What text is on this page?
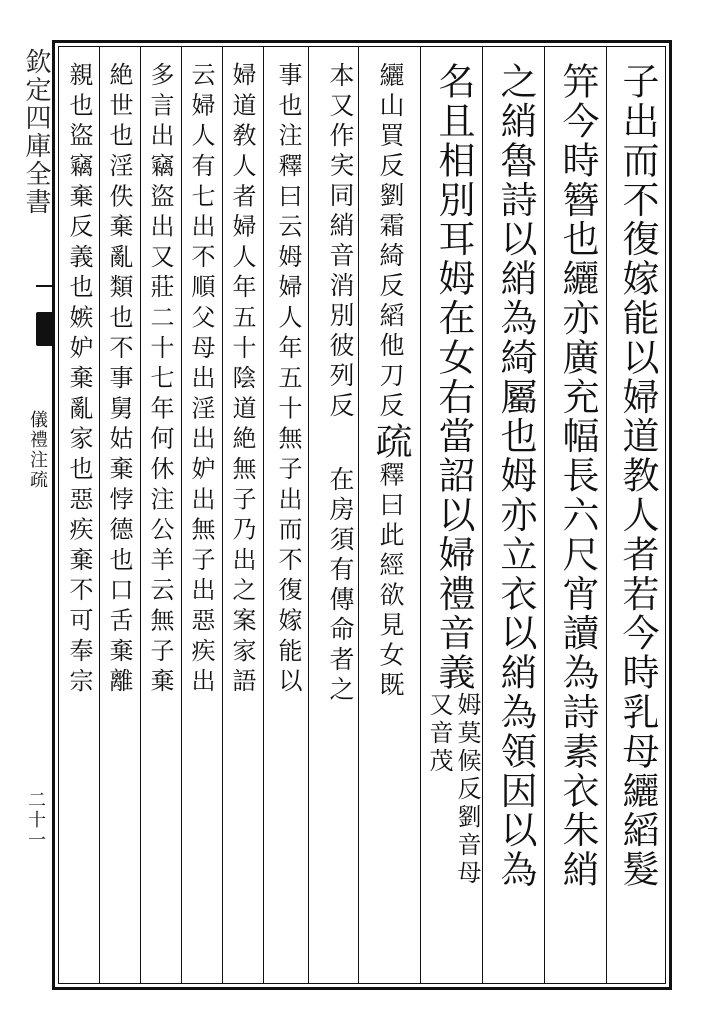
欽定四庫全書
儀禮注疏
二十一	子出而不復嫁能以婦道教人者若今時乳母纚縚髮
笄今時簪也纚亦廣充幅長六尺宵讀為詩素衣朱綃
之綃魯詩以綃為綺屬也姆亦立衣以綃為領因以為
名且相別耳姆在女右當詔以婦禮音義姆莫候反劉音母又音茂
纚山買反劉霜綺反縚他刀反疏釋曰此經欲見女既
本又作宎同綃音消別彼列反在房須有傳命者之
事也注釋曰云姆婦人年五十無子出而不復嫁能以
婦道敎人者婦人年五十陰道絶無子乃出之案家語
云婦人有七出不順父母出淫出妒出無子出惡疾出
多言出竊盜出又莊二十七年何休注公羊云無子棄
絶世也淫佚棄亂類也不事舅姑棄悖德也口舌棄離
親也盜竊棄反義也嫉妒棄亂家也惡疾棄不可奉宗
